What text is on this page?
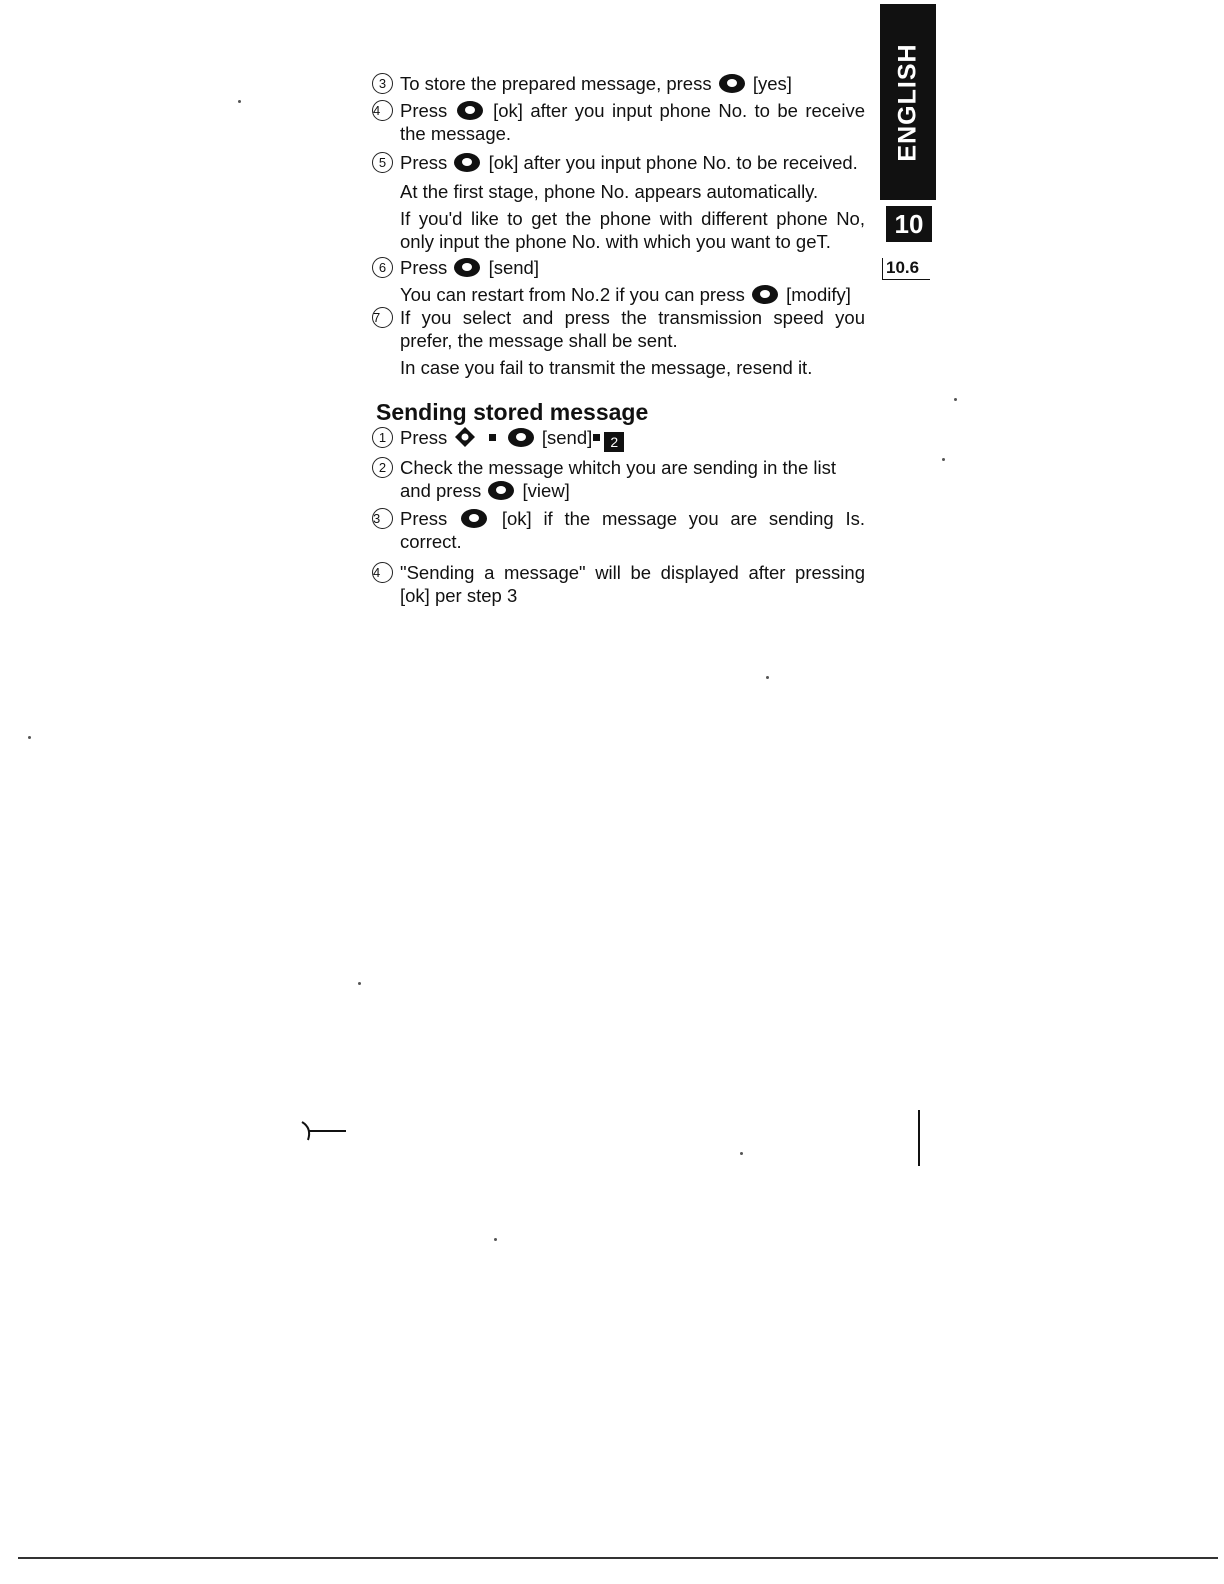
ENGLISH
10
10.6
3 To store the prepared message, press [yes]
4	Press [ok] after you input phone No. to be receive the message.
5 Press [ok] after you input phone No. to be received.
At the first stage, phone No. appears automatically.
If you'd like to get the phone with different phone No, only input the phone No. with which you want to geT.
6 Press [send]
You can restart from No.2 if you can press [modify]
7	If you select and press the transmission speed you prefer, the message shall be sent.
In case you fail to transmit the message, resend it.
Sending stored message
1 Press	[send] 2
2 Check the message whitch you are sending in the list and press [view]
3	Press	[ok] if the message you are sending Is. correct.
4	"Sending a message" will be displayed after pressing [ok] per step 3
